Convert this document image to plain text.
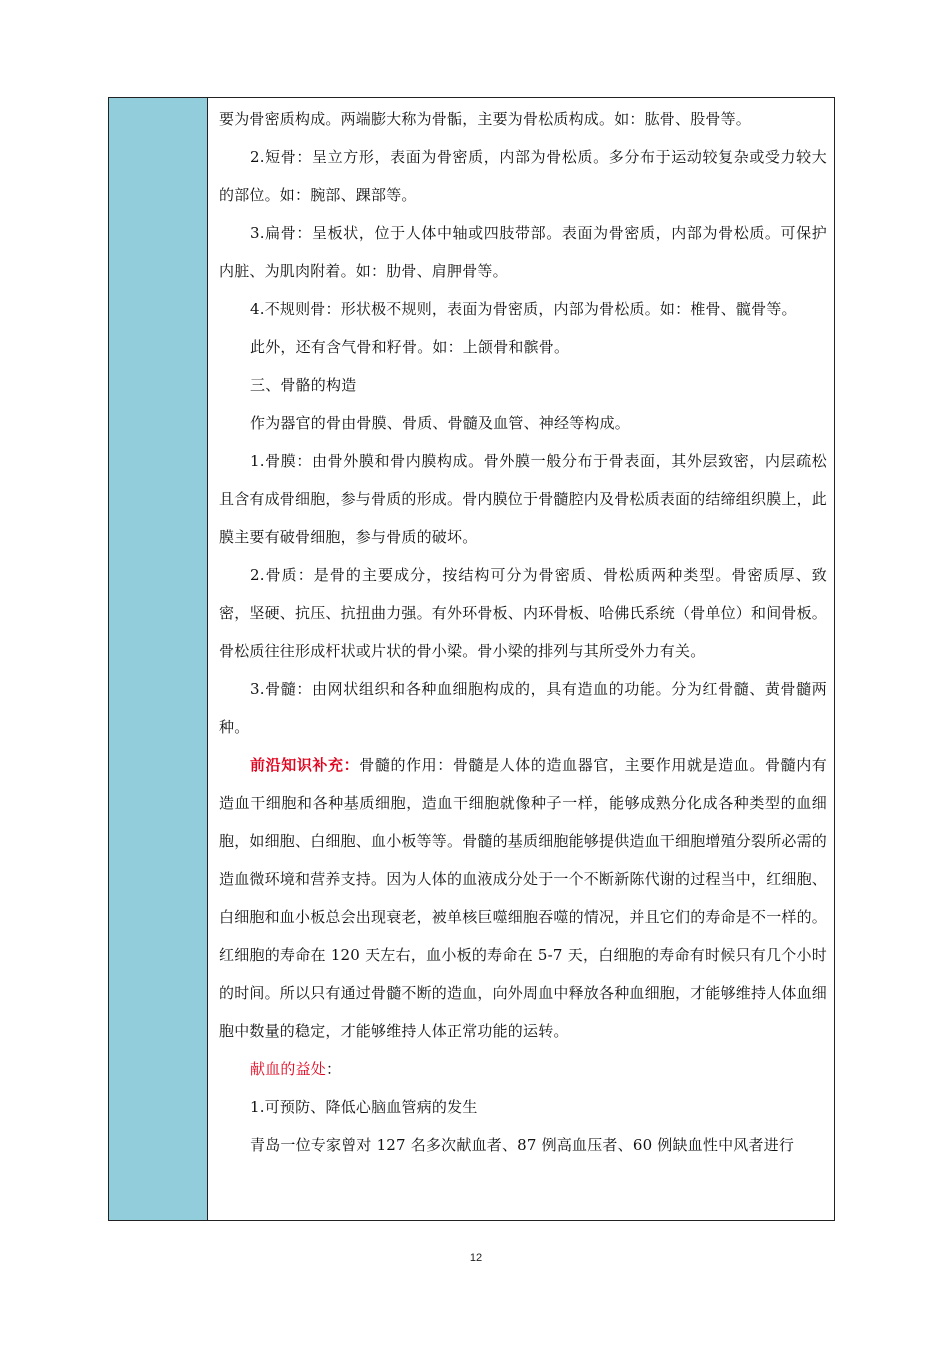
要为骨密质构成。两端膨大称为骨骺，主要为骨松质构成。如：肱骨、股骨等。

2.短骨：呈立方形，表面为骨密质，内部为骨松质。多分布于运动较复杂或受力较大的部位。如：腕部、踝部等。

3.扁骨：呈板状，位于人体中轴或四肢带部。表面为骨密质，内部为骨松质。可保护内脏、为肌肉附着。如：肋骨、肩胛骨等。

4.不规则骨：形状极不规则，表面为骨密质，内部为骨松质。如：椎骨、髋骨等。

此外，还有含气骨和籽骨。如：上颌骨和髌骨。

三、骨骼的构造

作为器官的骨由骨膜、骨质、骨髓及血管、神经等构成。

1.骨膜：由骨外膜和骨内膜构成。骨外膜一般分布于骨表面，其外层致密，内层疏松且含有成骨细胞，参与骨质的形成。骨内膜位于骨髓腔内及骨松质表面的结缔组织膜上，此膜主要有破骨细胞，参与骨质的破坏。

2.骨质：是骨的主要成分，按结构可分为骨密质、骨松质两种类型。骨密质厚、致密，坚硬、抗压、抗扭曲力强。有外环骨板、内环骨板、哈佛氏系统（骨单位）和间骨板。骨松质往往形成杆状或片状的骨小梁。骨小梁的排列与其所受外力有关。

3.骨髓：由网状组织和各种血细胞构成的，具有造血的功能。分为红骨髓、黄骨髓两种。

前沿知识补充：骨髓的作用：骨髓是人体的造血器官，主要作用就是造血。骨髓内有造血干细胞和各种基质细胞，造血干细胞就像种子一样，能够成熟分化成各种类型的血细胞，如细胞、白细胞、血小板等等。骨髓的基质细胞能够提供造血干细胞增殖分裂所必需的造血微环境和营养支持。因为人体的血液成分处于一个不断新陈代谢的过程当中，红细胞、白细胞和血小板总会出现衰老，被单核巨噬细胞吞噬的情况，并且它们的寿命是不一样的。红细胞的寿命在 120 天左右，血小板的寿命在 5-7 天，白细胞的寿命有时候只有几个小时的时间。所以只有通过骨髓不断的造血，向外周血中释放各种血细胞，才能够维持人体血细胞中数量的稳定，才能够维持人体正常功能的运转。

献血的益处：

1.可预防、降低心脑血管病的发生

青岛一位专家曾对 127 名多次献血者、87 例高血压者、60 例缺血性中风者进行

12
